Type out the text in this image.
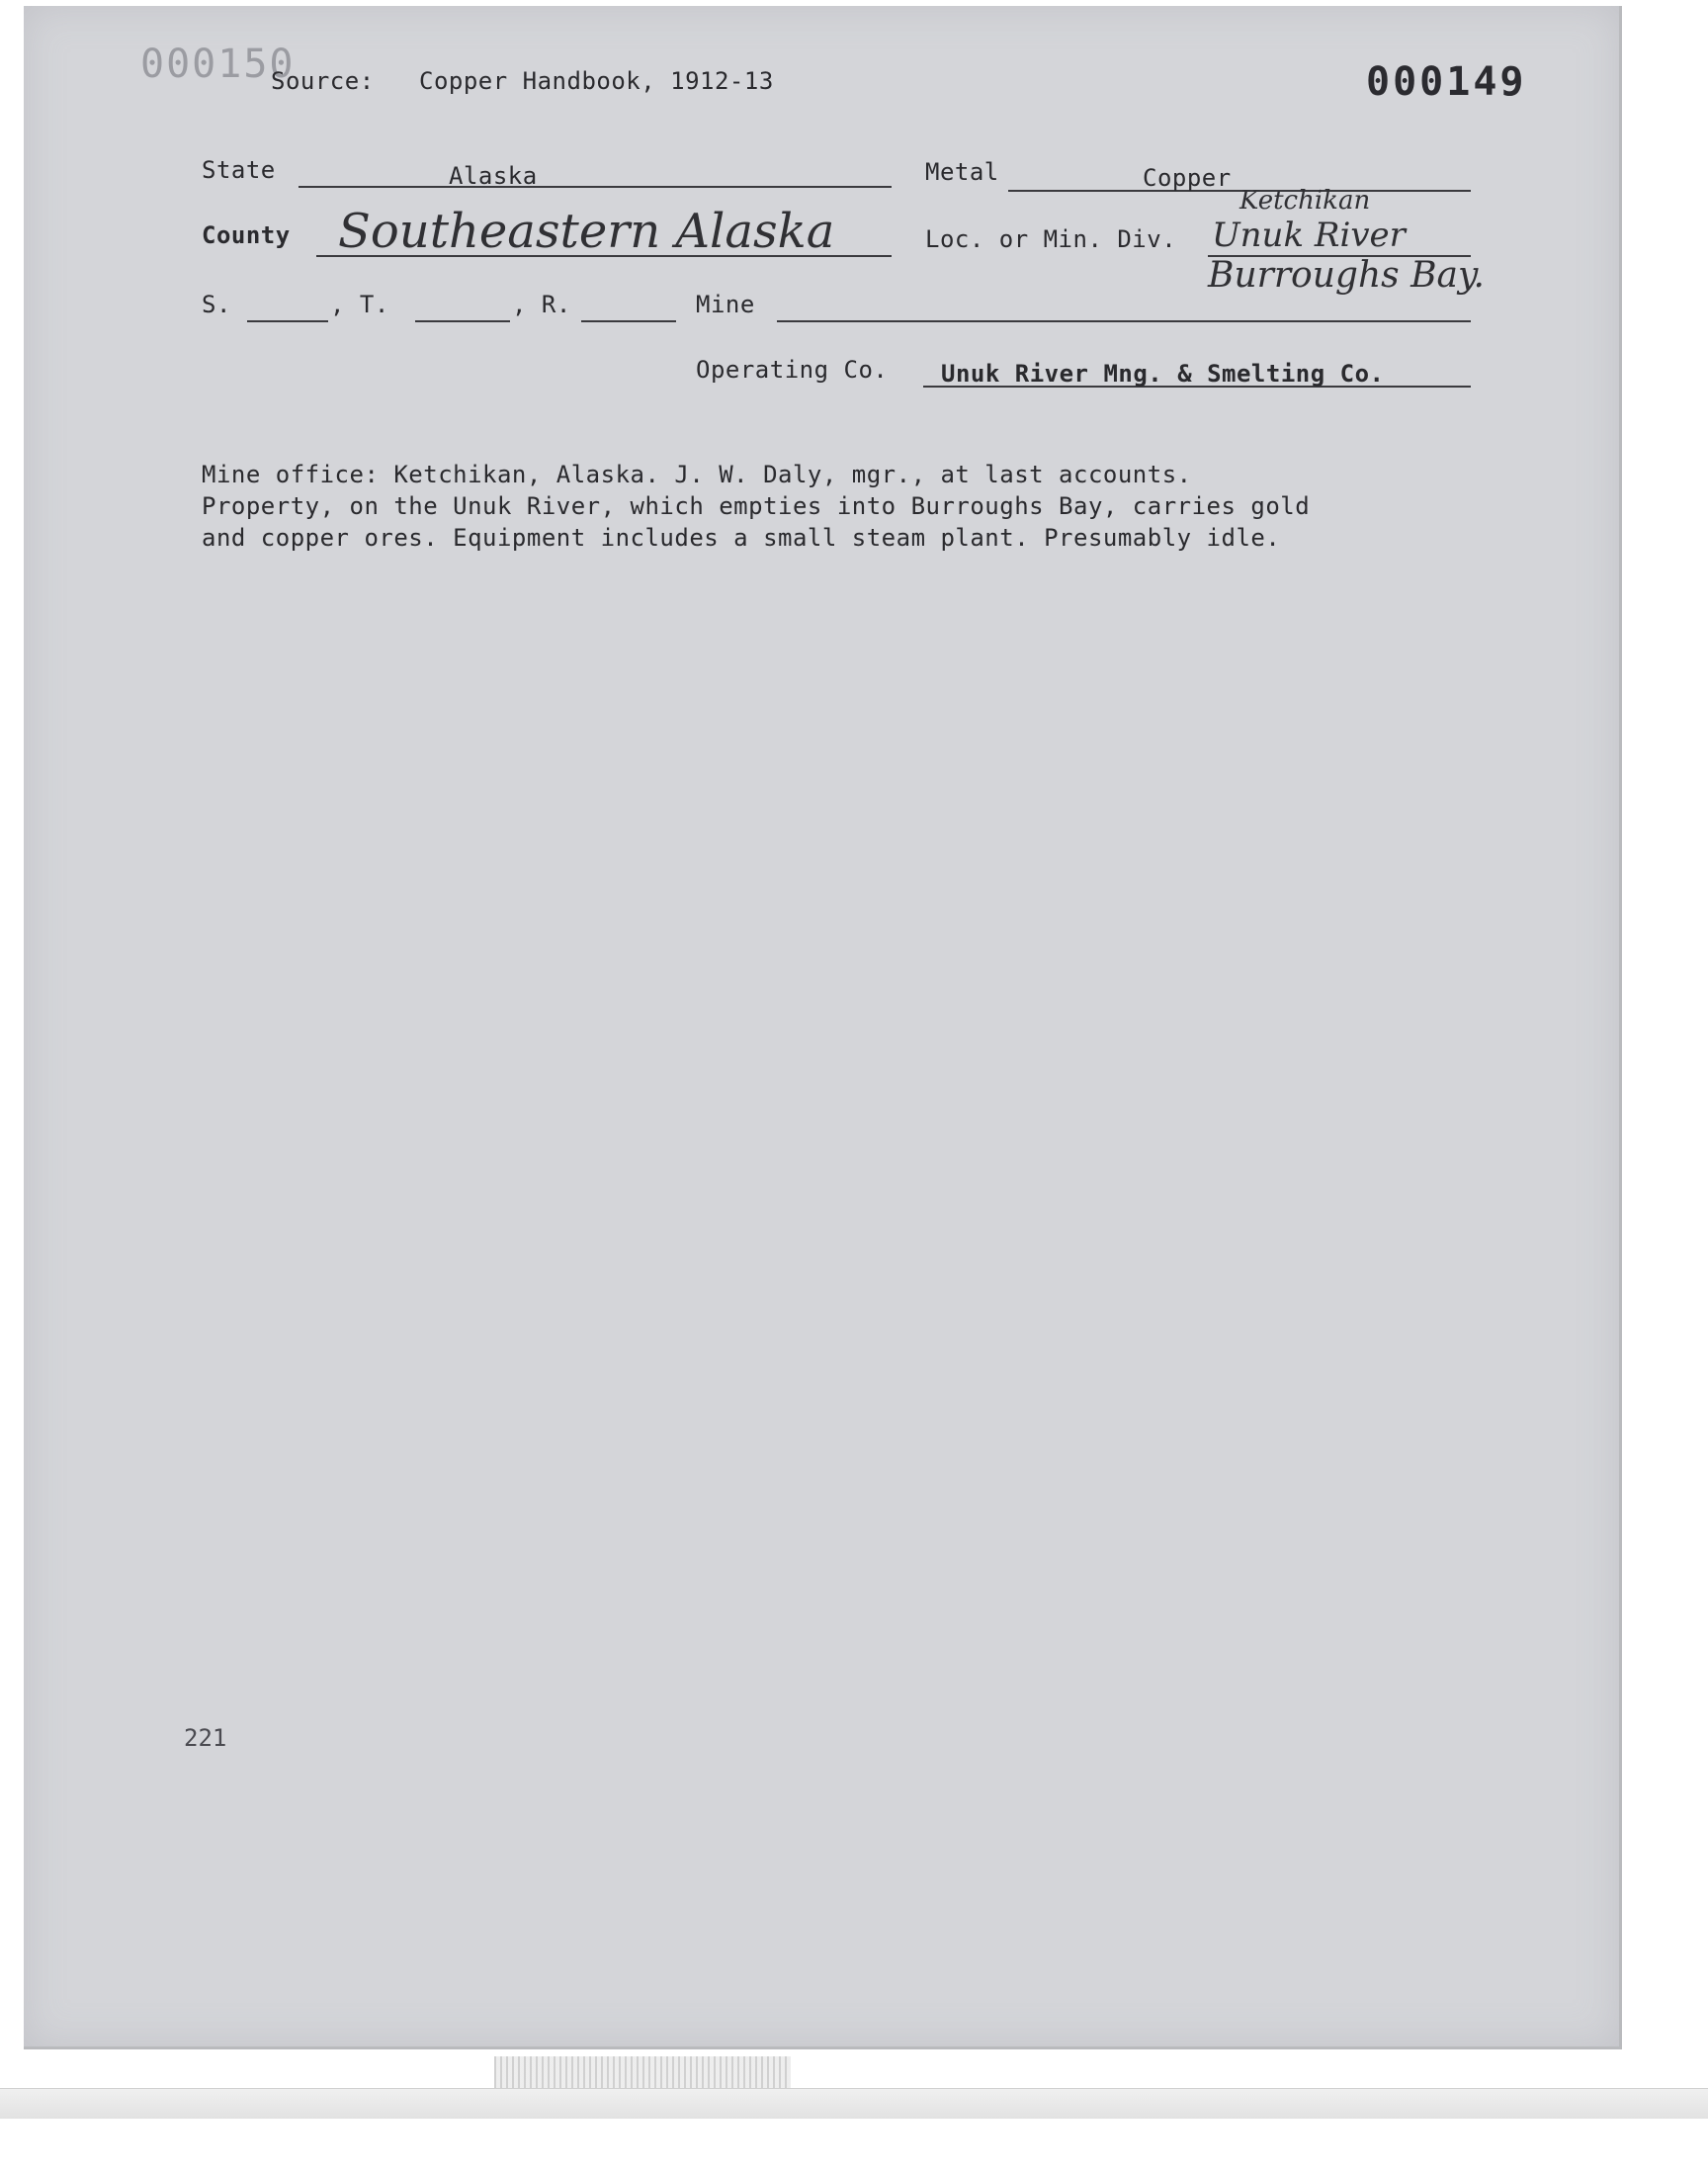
000150
Source: Copper Handbook, 1912-13	000149
State	Alaska	Metal	Copper
County Southeastern Alaska	Loc. or Min. Div.
Ketchikan
Unuk River
Burroughs Bay.
S.	, T.	, R.	Mine
Operating Co. Unuk River Mng. & Smelting Co.
Mine office: Ketchikan, Alaska. J. W. Daly, mgr., at last accounts.
Property, on the Unuk River, which empties into Burroughs Bay, carries gold
and copper ores. Equipment includes a small steam plant. Presumably idle.
221
